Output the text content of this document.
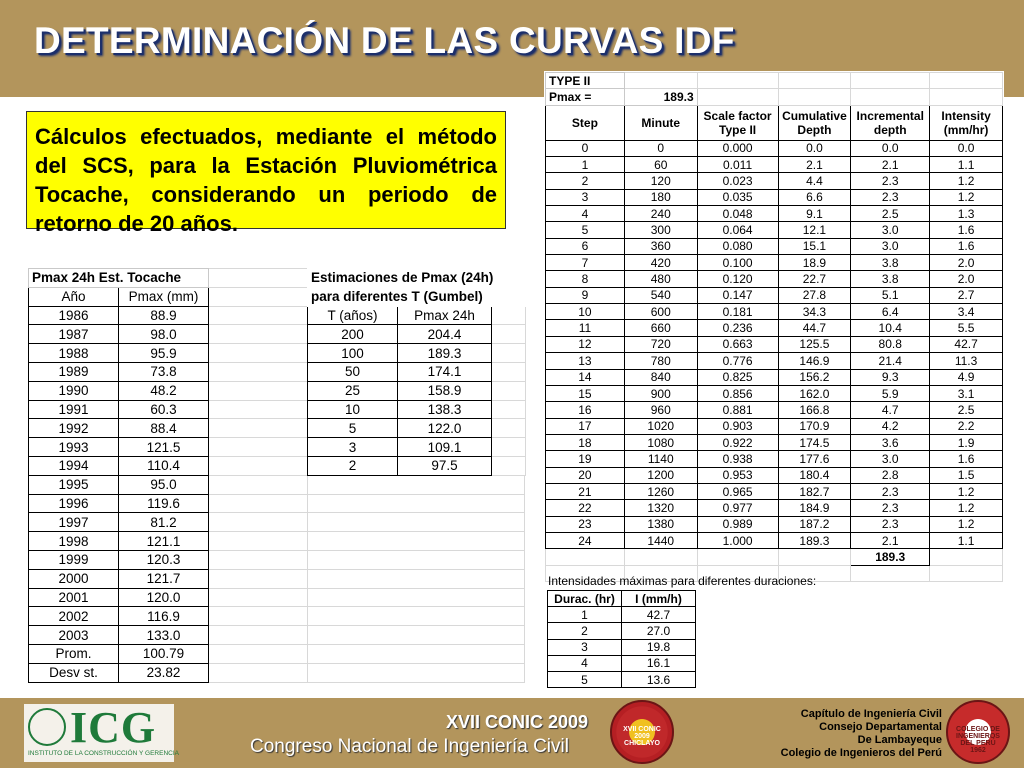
DETERMINACIÓN DE LAS CURVAS IDF
Cálculos efectuados, mediante el método del SCS, para la Estación Pluviométrica Tocache, considerando un periodo de retorno de 20 años.
Pmax 24h Est. Tocache			
Año	Pmax (mm)		
1986	88.9		
1987	98.0		
1988	95.9		
1989	73.8		
1990	48.2		
1991	60.3		
1992	88.4		
1993	121.5		
1994	110.4		
1995	95.0		
1996	119.6		
1997	81.2		
1998	121.1		
1999	120.3		
2000	121.7		
2001	120.0		
2002	116.9		
2003	133.0		
Prom.	100.79		
Desv st.	23.82		
Estimaciones de Pmax (24h)		
para diferentes T (Gumbel)		
T (años)	Pmax 24h	
200	204.4	
100	189.3	
50	174.1	
25	158.9	
10	138.3	
5	122.0	
3	109.1	
2	97.5	
TYPE II					
Pmax =	189.3				
Step	Minute	Scale factor Type II	Cumulative Depth	Incremental depth	Intensity (mm/hr)
0	0	0.000	0.0	0.0	0.0
1	60	0.011	2.1	2.1	1.1
2	120	0.023	4.4	2.3	1.2
3	180	0.035	6.6	2.3	1.2
4	240	0.048	9.1	2.5	1.3
5	300	0.064	12.1	3.0	1.6
6	360	0.080	15.1	3.0	1.6
7	420	0.100	18.9	3.8	2.0
8	480	0.120	22.7	3.8	2.0
9	540	0.147	27.8	5.1	2.7
10	600	0.181	34.3	6.4	3.4
11	660	0.236	44.7	10.4	5.5
12	720	0.663	125.5	80.8	42.7
13	780	0.776	146.9	21.4	11.3
14	840	0.825	156.2	9.3	4.9
15	900	0.856	162.0	5.9	3.1
16	960	0.881	166.8	4.7	2.5
17	1020	0.903	170.9	4.2	2.2
18	1080	0.922	174.5	3.6	1.9
19	1140	0.938	177.6	3.0	1.6
20	1200	0.953	180.4	2.8	1.5
21	1260	0.965	182.7	2.3	1.2
22	1320	0.977	184.9	2.3	1.2
23	1380	0.989	187.2	2.3	1.2
24	1440	1.000	189.3	2.1	1.1
				189.3	

Intensidades máximas para diferentes duraciones:
Durac. (hr)	I (mm/h)
1	42.7
2	27.0
3	19.8
4	16.1
5	13.6
ICG
INSTITUTO DE LA CONSTRUCCIÓN Y GERENCIA
XVII CONIC 2009
Congreso Nacional de Ingeniería Civil
XVII CONIC 2009 CHICLAYO
Capítulo de Ingeniería Civil
Consejo Departamental
De Lambayeque
Colegio de Ingenieros del Perú
COLEGIO DE INGENIEROS DEL PERÚ 1962
